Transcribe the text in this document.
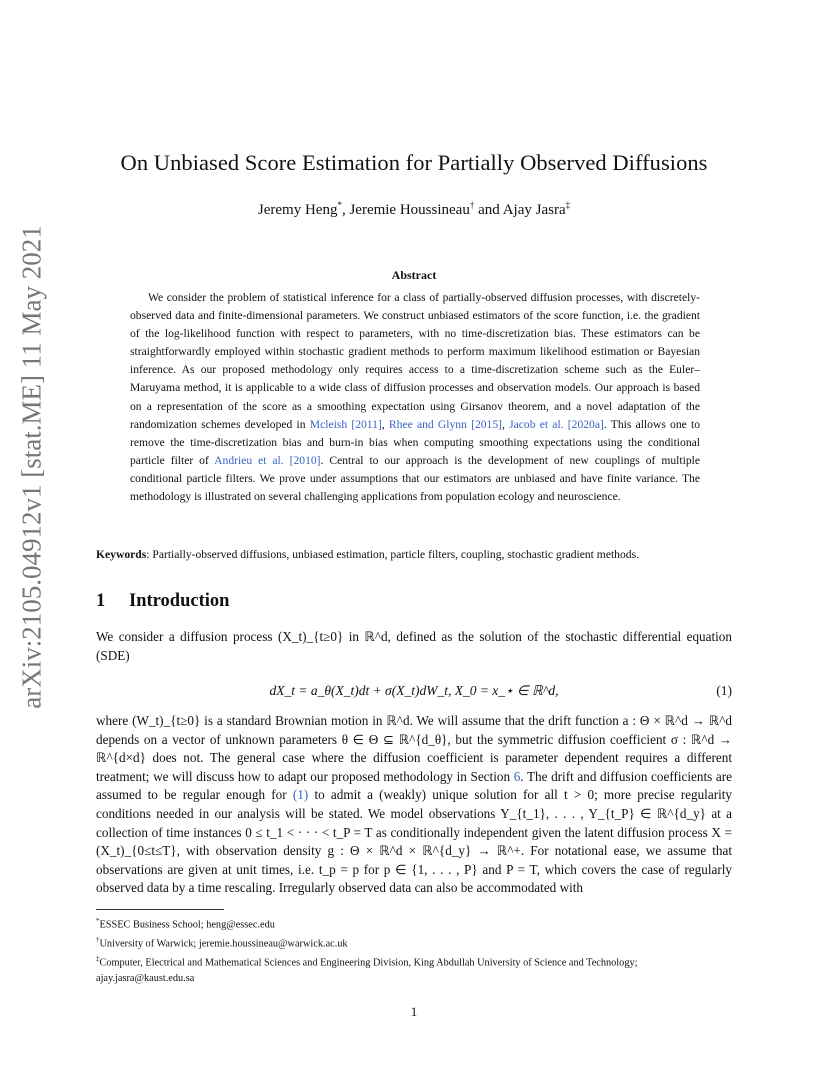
arXiv:2105.04912v1 [stat.ME] 11 May 2021
On Unbiased Score Estimation for Partially Observed Diffusions
Jeremy Heng*, Jeremie Houssineau† and Ajay Jasra‡
Abstract
We consider the problem of statistical inference for a class of partially-observed diffusion processes, with discretely-observed data and finite-dimensional parameters. We construct unbiased estimators of the score function, i.e. the gradient of the log-likelihood function with respect to parameters, with no time-discretization bias. These estimators can be straightforwardly employed within stochastic gradient methods to perform maximum likelihood estimation or Bayesian inference. As our proposed methodology only requires access to a time-discretization scheme such as the Euler–Maruyama method, it is applicable to a wide class of diffusion processes and observation models. Our approach is based on a representation of the score as a smoothing expectation using Girsanov theorem, and a novel adaptation of the randomization schemes developed in Mcleish [2011], Rhee and Glynn [2015], Jacob et al. [2020a]. This allows one to remove the time-discretization bias and burn-in bias when computing smoothing expectations using the conditional particle filter of Andrieu et al. [2010]. Central to our approach is the development of new couplings of multiple conditional particle filters. We prove under assumptions that our estimators are unbiased and have finite variance. The methodology is illustrated on several challenging applications from population ecology and neuroscience.
Keywords: Partially-observed diffusions, unbiased estimation, particle filters, coupling, stochastic gradient methods.
1 Introduction
We consider a diffusion process (X_t)_{t≥0} in ℝ^d, defined as the solution of the stochastic differential equation (SDE)
dX_t = a_θ(X_t)dt + σ(X_t)dW_t, X_0 = x_⋆ ∈ ℝ^d,	(1)
where (W_t)_{t≥0} is a standard Brownian motion in ℝ^d. We will assume that the drift function a : Θ × ℝ^d → ℝ^d depends on a vector of unknown parameters θ ∈ Θ ⊆ ℝ^{d_θ}, but the symmetric diffusion coefficient σ : ℝ^d → ℝ^{d×d} does not. The general case where the diffusion coefficient is parameter dependent requires a different treatment; we will discuss how to adapt our proposed methodology in Section 6. The drift and diffusion coefficients are assumed to be regular enough for (1) to admit a (weakly) unique solution for all t > 0; more precise regularity conditions needed in our analysis will be stated. We model observations Y_{t_1}, . . . , Y_{t_P} ∈ ℝ^{d_y} at a collection of time instances 0 ≤ t_1 < · · · < t_P = T as conditionally independent given the latent diffusion process X = (X_t)_{0≤t≤T}, with observation density g : Θ × ℝ^d × ℝ^{d_y} → ℝ^+. For notational ease, we assume that observations are given at unit times, i.e. t_p = p for p ∈ {1, . . . , P} and P = T, which covers the case of regularly observed data by a time rescaling. Irregularly observed data can also be accommodated with
*ESSEC Business School; heng@essec.edu
†University of Warwick; jeremie.houssineau@warwick.ac.uk
‡Computer, Electrical and Mathematical Sciences and Engineering Division, King Abdullah University of Science and Technology; ajay.jasra@kaust.edu.sa
1
